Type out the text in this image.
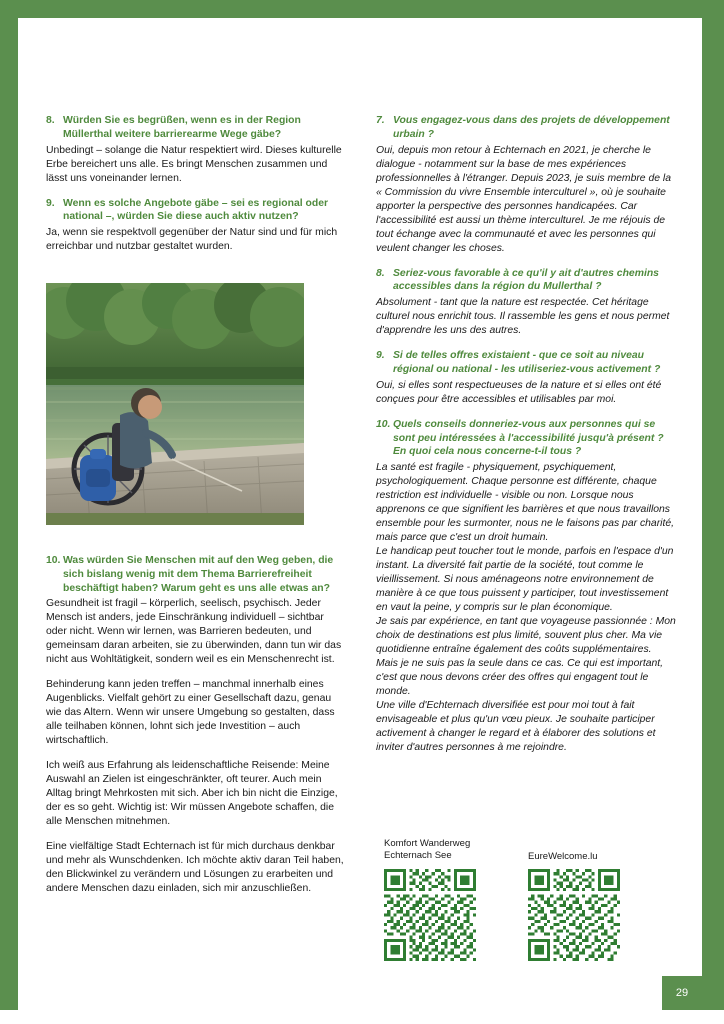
8. Würden Sie es begrüßen, wenn es in der Region Müllerthal weitere barrierearme Wege gäbe?

Unbedingt – solange die Natur respektiert wird. Dieses kulturelle Erbe bereichert uns alle. Es bringt Menschen zusammen und lässt uns voneinander lernen.

9. Wenn es solche Angebote gäbe – sei es regional oder national –, würden Sie diese auch aktiv nutzen?

Ja, wenn sie respektvoll gegenüber der Natur sind und für mich erreichbar und nutzbar gestaltet wurden.

10. Was würden Sie Menschen mit auf den Weg geben, die sich bislang wenig mit dem Thema Barrierefreiheit beschäftigt haben? Warum geht es uns alle etwas an?

Gesundheit ist fragil – körperlich, seelisch, psychisch. Jeder Mensch ist anders, jede Einschränkung individuell – sichtbar oder nicht. Wenn wir lernen, was Barrieren bedeuten, und gemeinsam daran arbeiten, sie zu überwinden, dann tun wir das nicht aus Wohltätigkeit, sondern weil es ein Menschenrecht ist.

Behinderung kann jeden treffen – manchmal innerhalb eines Augenblicks. Vielfalt gehört zu einer Gesellschaft dazu, genau wie das Altern. Wenn wir unsere Umgebung so gestalten, dass alle teilhaben können, lohnt sich jede Investition – auch wirtschaftlich.

Ich weiß aus Erfahrung als leidenschaftliche Reisende: Meine Auswahl an Zielen ist eingeschränkter, oft teurer. Auch mein Alltag bringt Mehrkosten mit sich. Aber ich bin nicht die Einzige, der es so geht. Wichtig ist: Wir müssen Angebote schaffen, die alle Menschen mitnehmen.

Eine vielfältige Stadt Echternach ist für mich durchaus denkbar und mehr als Wunschdenken. Ich möchte aktiv daran Teil haben, den Blickwinkel zu verändern und Lösungen zu erarbeiten und andere Menschen dazu einladen, sich mir anzuschließen.

7. Vous engagez-vous dans des projets de développement urbain ?

Oui, depuis mon retour à Echternach en 2021, je cherche le dialogue - notamment sur la base de mes expériences professionnelles à l'étranger. Depuis 2023, je suis membre de la « Commission du vivre Ensemble interculturel », où je souhaite apporter la perspective des personnes handicapées. Car l'accessibilité est aussi un thème interculturel. Je me réjouis de tout échange avec la communauté et avec les personnes qui veulent changer les choses.

8. Seriez-vous favorable à ce qu'il y ait d'autres chemins accessibles dans la région du Mullerthal ?

Absolument - tant que la nature est respectée. Cet héritage culturel nous enrichit tous. Il rassemble les gens et nous permet d'apprendre les uns des autres.

9. Si de telles offres existaient - que ce soit au niveau régional ou national - les utiliseriez-vous activement ?

Oui, si elles sont respectueuses de la nature et si elles ont été conçues pour être accessibles et utilisables par moi.

10. Quels conseils donneriez-vous aux personnes qui se sont peu intéressées à l'accessibilité jusqu'à présent ? En quoi cela nous concerne-t-il tous ?

La santé est fragile - physiquement, psychiquement, psychologiquement. Chaque personne est différente, chaque restriction est individuelle - visible ou non. Lorsque nous apprenons ce que signifient les barrières et que nous travaillons ensemble pour les surmonter, nous ne le faisons pas par charité, mais parce que c'est un droit humain.

Le handicap peut toucher tout le monde, parfois en l'espace d'un instant. La diversité fait partie de la société, tout comme le vieillissement. Si nous aménageons notre environnement de manière à ce que tous puissent y participer, tout investissement en vaut la peine, y compris sur le plan économique.

Je sais par expérience, en tant que voyageuse passionnée : Mon choix de destinations est plus limité, souvent plus cher. Ma vie quotidienne entraîne également des coûts supplémentaires. Mais je ne suis pas la seule dans ce cas. Ce qui est important, c'est que nous devons créer des offres qui engagent tout le monde.

Une ville d'Echternach diversifiée est pour moi tout à fait envisageable et plus qu'un vœu pieux. Je souhaite participer activement à changer le regard et à élaborer des solutions et inviter d'autres personnes à me rejoindre.

Komfort Wanderweg
Echternach See	EureWelcome.lu
29
